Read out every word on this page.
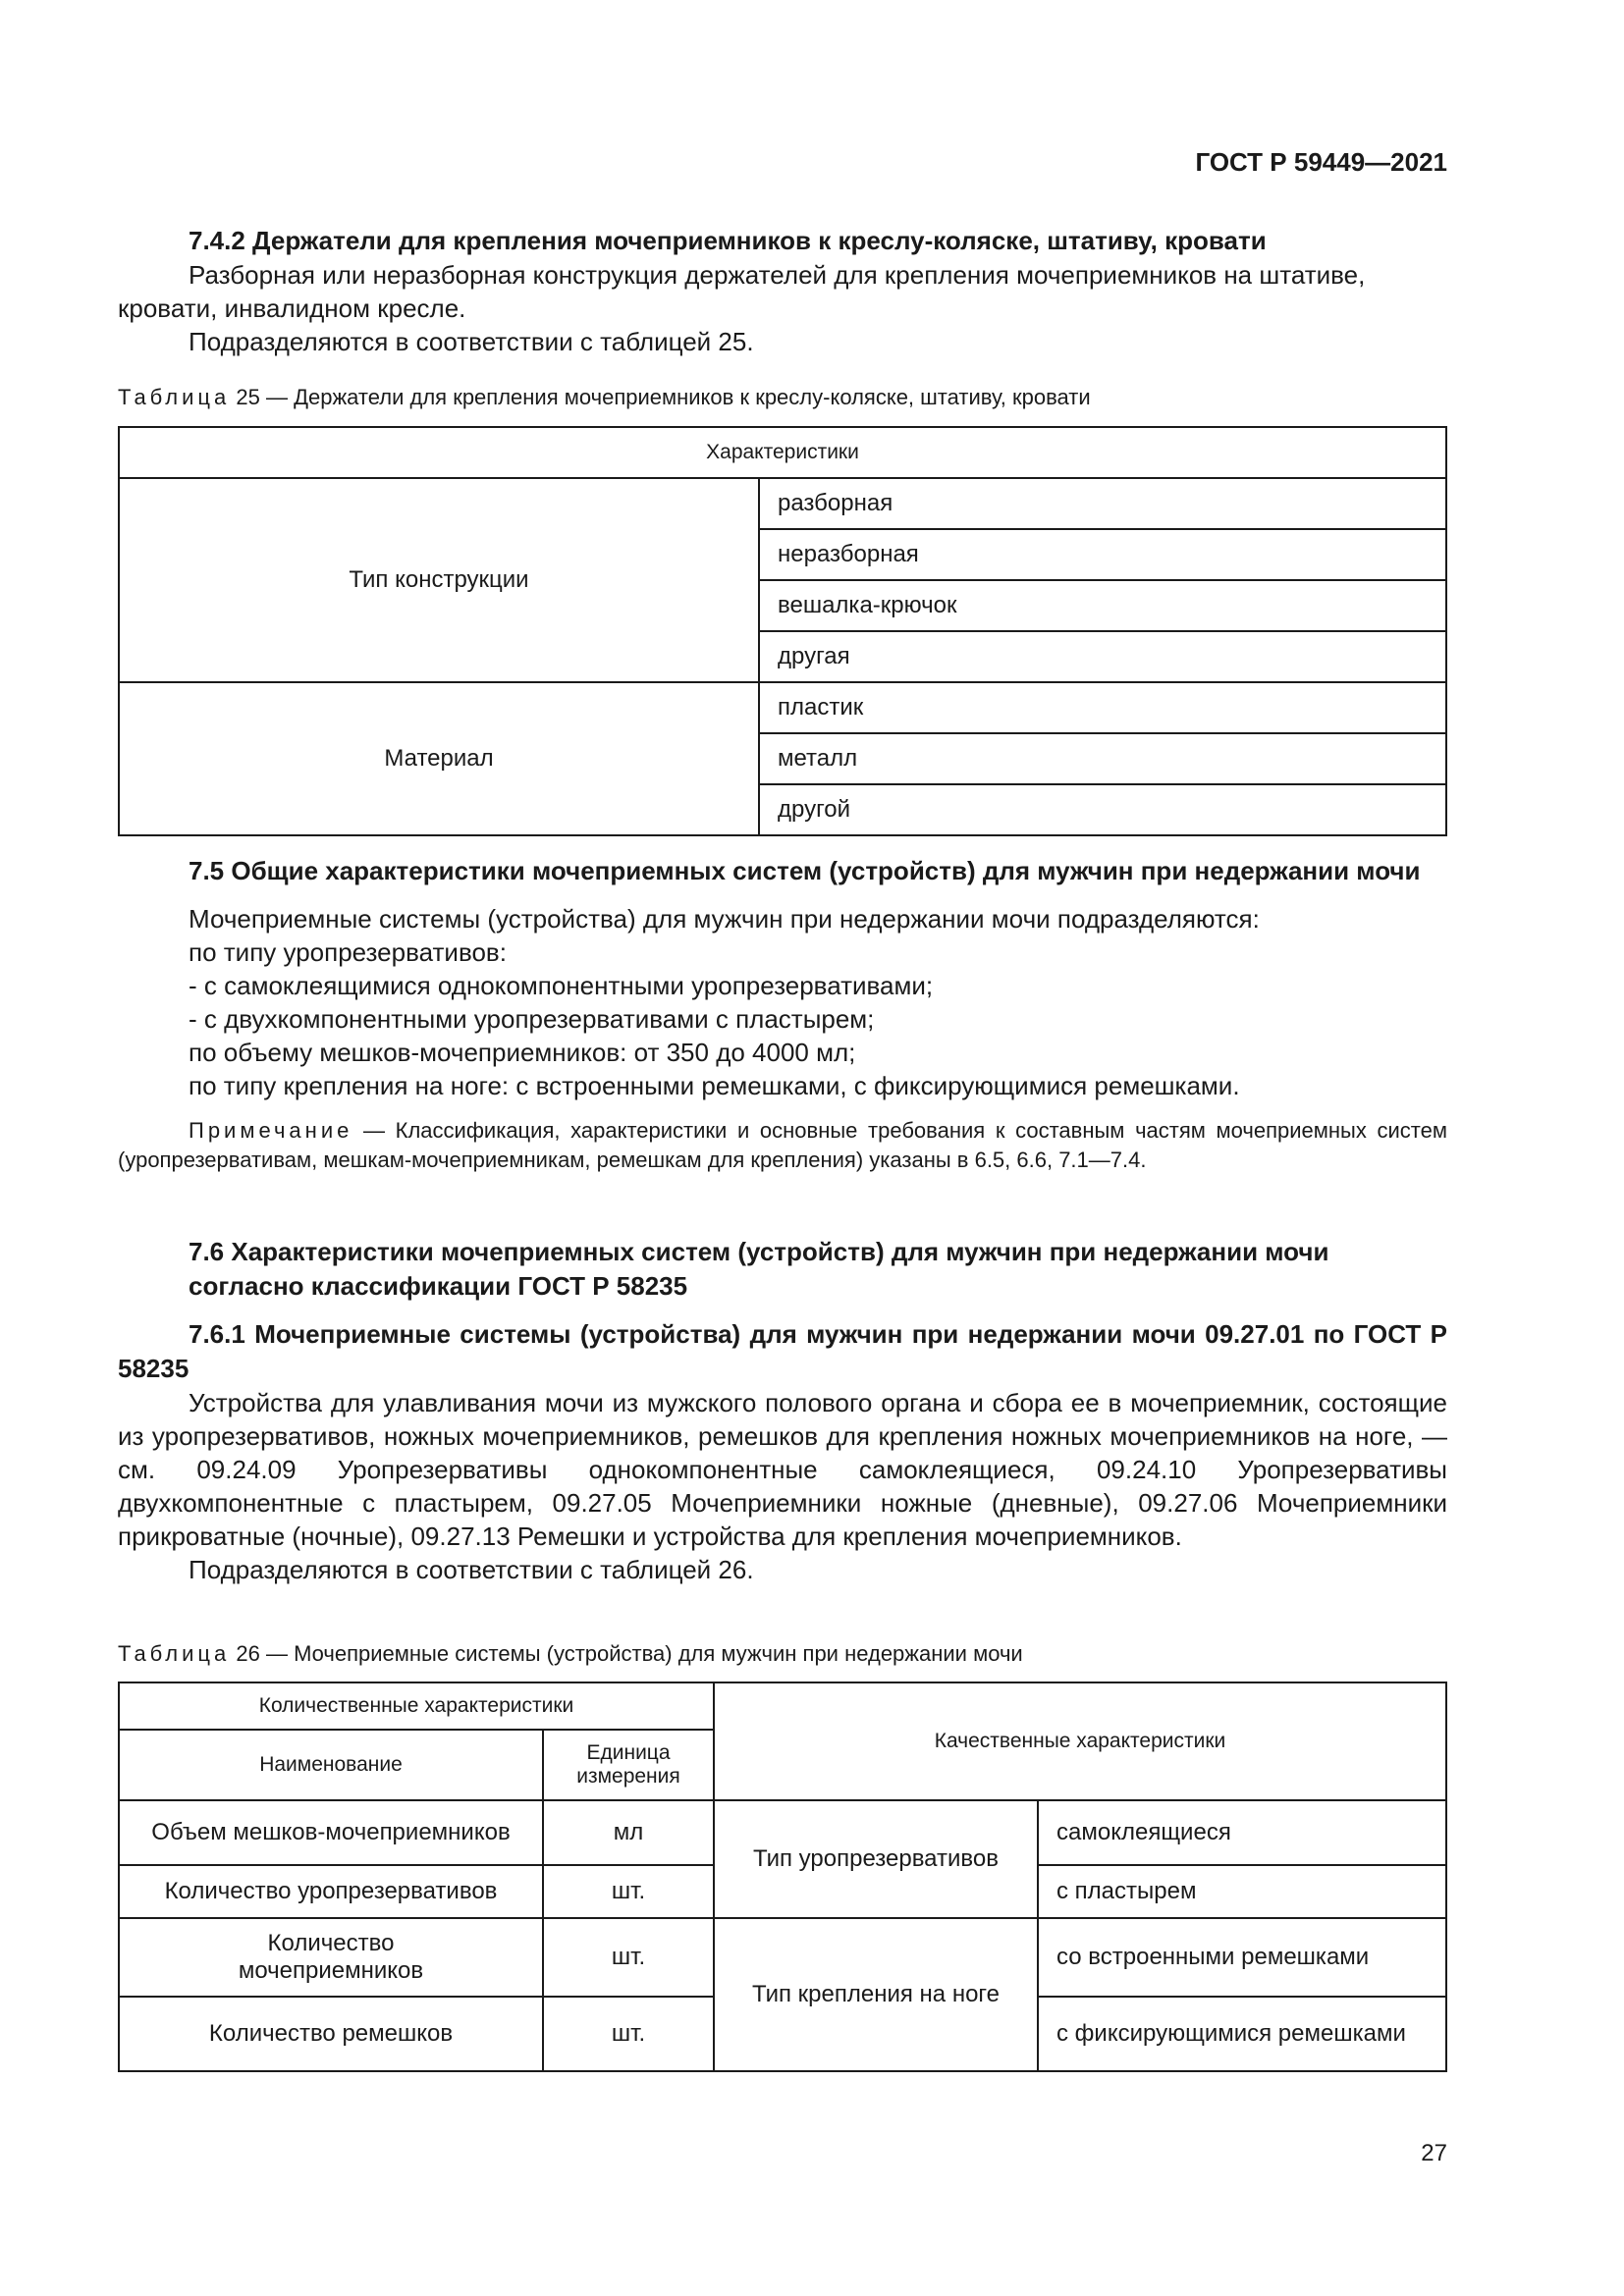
ГОСТ Р 59449—2021
7.4.2 Держатели для крепления мочеприемников к креслу-коляске, штативу, кровати
Разборная или неразборная конструкция держателей для крепления мочеприемников на штативе, кровати, инвалидном кресле.
Подразделяются в соответствии с таблицей 25.
Таблица 25 — Держатели для крепления мочеприемников к креслу-коляске, штативу, кровати
Характеристики	
Тип конструкции	разборная
	неразборная
	вешалка-крючок
	другая
Материал	пластик
	металл
	другой
7.5 Общие характеристики мочеприемных систем (устройств) для мужчин при недержании мочи
Мочеприемные системы (устройства) для мужчин при недержании мочи подразделяются:
по типу уропрезервативов:
- с самоклеящимися однокомпонентными уропрезервативами;
- с двухкомпонентными уропрезервативами с пластырем;
по объему мешков-мочеприемников: от 350 до 4000 мл;
по типу крепления на ноге: с встроенными ремешками, с фиксирующимися ремешками.
Примечание — Классификация, характеристики и основные требования к составным частям мочеприемных систем (уропрезервативам, мешкам-мочеприемникам, ремешкам для крепления) указаны в 6.5, 6.6, 7.1—7.4.
7.6 Характеристики мочеприемных систем (устройств) для мужчин при недержании мочи согласно классификации ГОСТ Р 58235
7.6.1 Мочеприемные системы (устройства) для мужчин при недержании мочи 09.27.01 по ГОСТ Р 58235
Устройства для улавливания мочи из мужского полового органа и сбора ее в мочеприемник, состоящие из уропрезервативов, ножных мочеприемников, ремешков для крепления ножных мочеприемников на ноге, — см. 09.24.09 Уропрезервативы однокомпонентные самоклеящиеся, 09.24.10 Уропрезервативы двухкомпонентные с пластырем, 09.27.05 Мочеприемники ножные (дневные), 09.27.06 Мочеприемники прикроватные (ночные), 09.27.13 Ремешки и устройства для крепления мочеприемников.
Подразделяются в соответствии с таблицей 26.
Таблица 26 — Мочеприемные системы (устройства) для мужчин при недержании мочи
Количественные характеристики		Качественные характеристики	
Наименование	Единица измерения		
Объем мешков-мочеприемников	мл	Тип уропрезервативов	самоклеящиеся
Количество уропрезервативов	шт.		с пластырем
Количество мочеприемников	шт.	Тип крепления на ноге	со встроенными ремешками
Количество ремешков	шт.		с фиксирующимися ремешками
27
